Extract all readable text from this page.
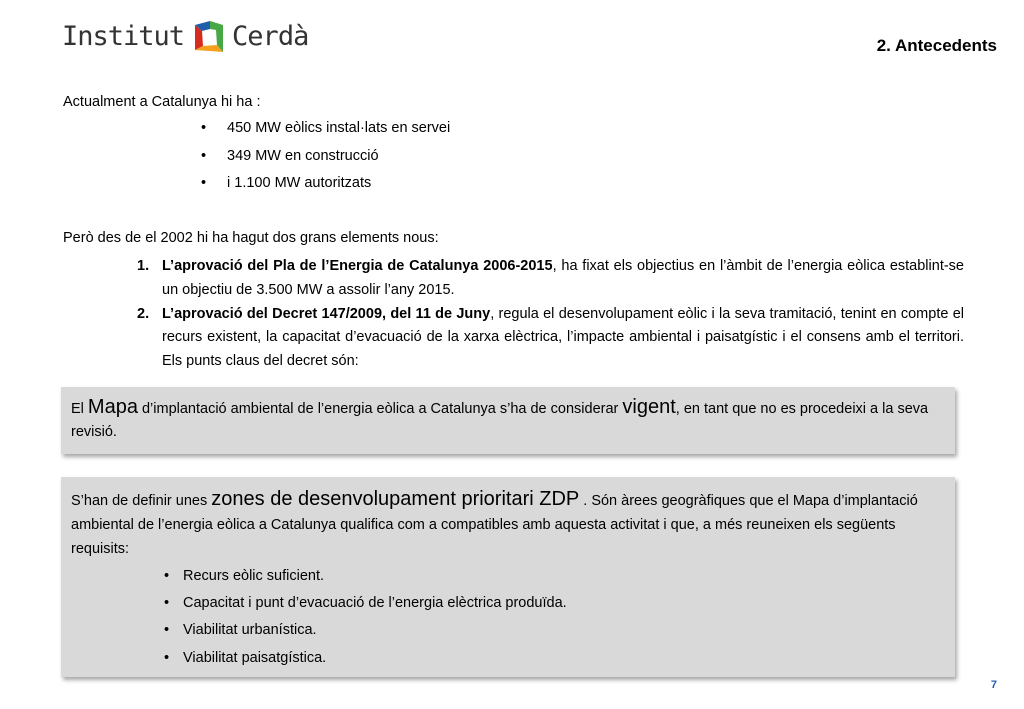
Institut Cerdà	2. Antecedents
Actualment a Catalunya hi ha :
• 450 MW eòlics instal·lats en servei
• 349 MW en construcció
• i 1.100 MW autoritzats
Però des de el 2002 hi ha hagut dos grans elements nous:
1. L’aprovació del Pla de l’Energia de Catalunya 2006-2015, ha fixat els objectius en l’àmbit de l’energia eòlica establint-se un objectiu de 3.500 MW a assolir l’any 2015.
2. L’aprovació del Decret 147/2009, del 11 de Juny, regula el desenvolupament eòlic i la seva tramitació, tenint en compte el recurs existent, la capacitat d’evacuació de la xarxa elèctrica, l’impacte ambiental i paisatgístic i el consens amb el territori. Els punts claus del decret són:
El Mapa d’implantació ambiental de l’energia eòlica a Catalunya s’ha de considerar vigent, en tant que no es procedeixi a la seva revisió.
S’han de definir unes zones de desenvolupament prioritari ZDP . Són àrees geogràfiques que el Mapa d’implantació ambiental de l’energia eòlica a Catalunya qualifica com a compatibles amb aquesta activitat i que, a més reuneixen els següents requisits:
• Recurs eòlic suficient.
• Capacitat i punt d’evacuació de l’energia elèctrica produïda.
• Viabilitat urbanística.
• Viabilitat paisatgística.
7
